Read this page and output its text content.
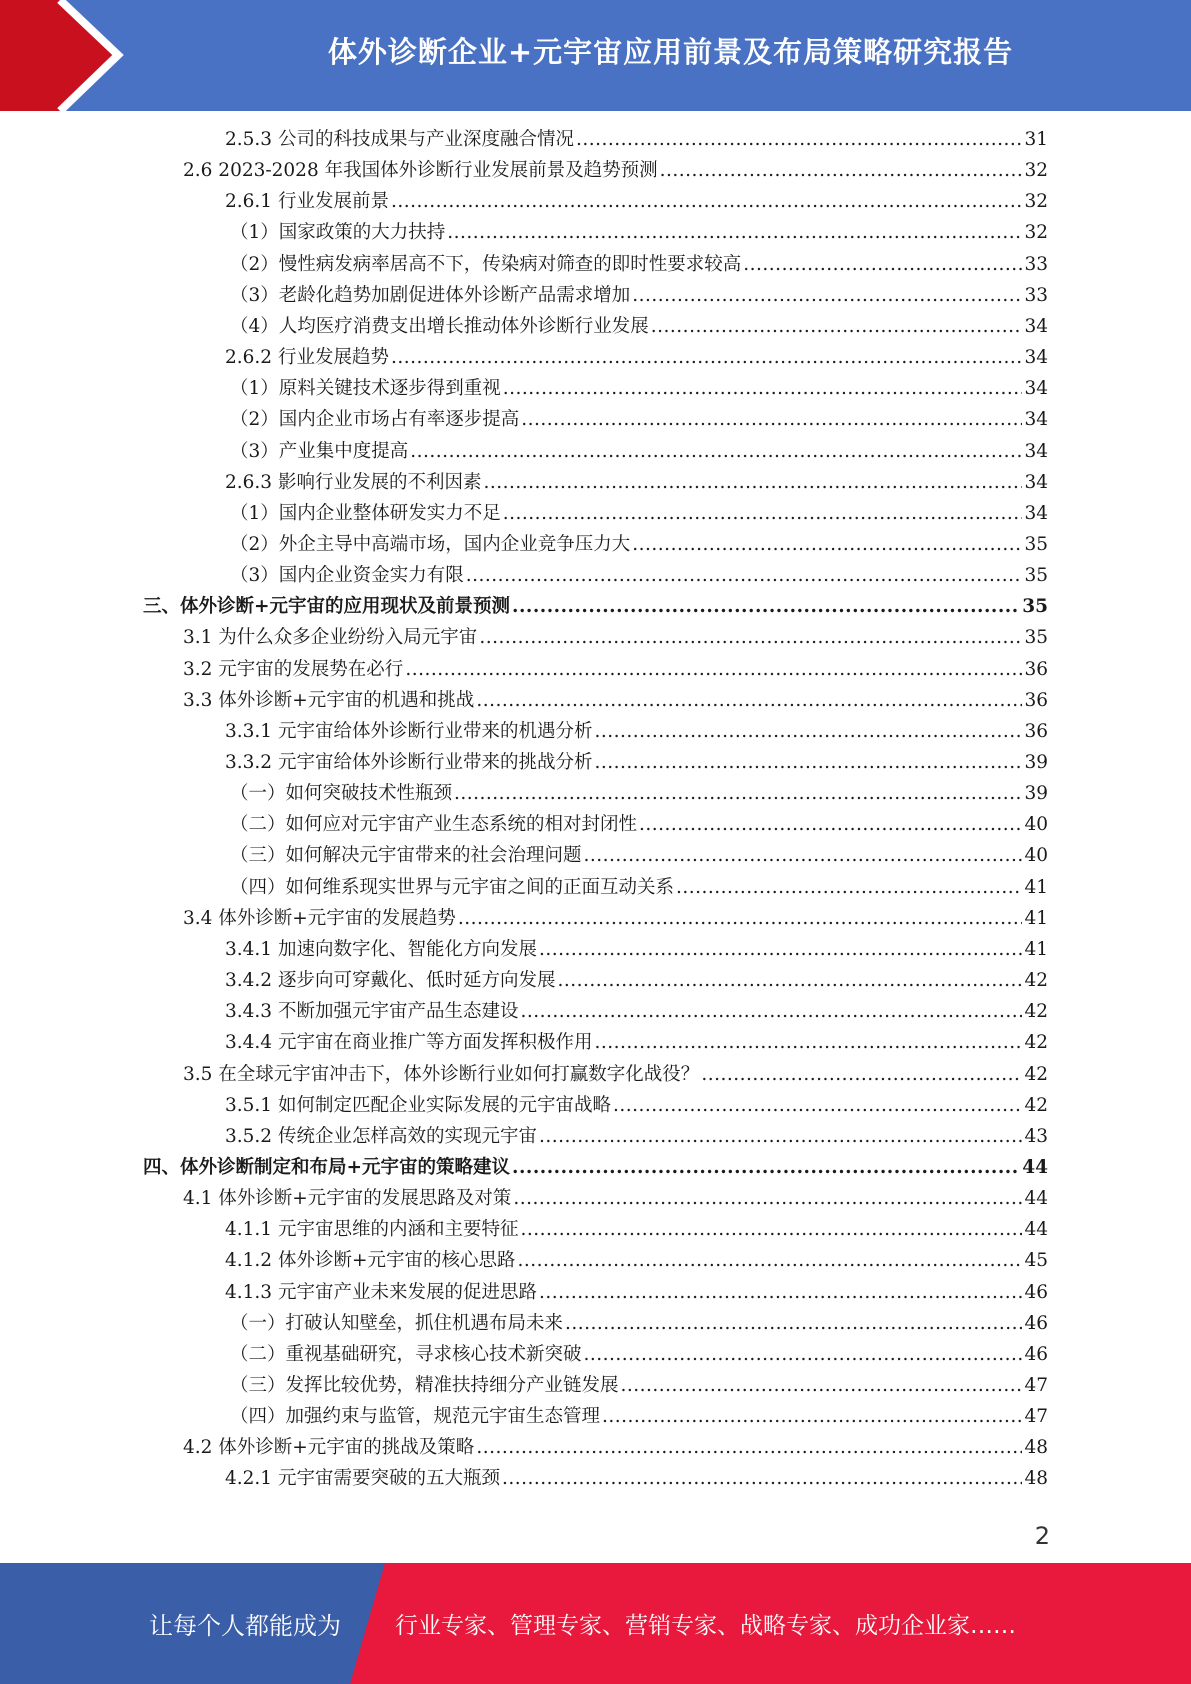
体外诊断企业+元宇宙应用前景及布局策略研究报告
2.5.3 公司的科技成果与产业深度融合情况 .....	31
2.6 2023-2028 年我国体外诊断行业发展前景及趋势预测 .....	32
2.6.1 行业发展前景 .....	32
（1）国家政策的大力扶持 .....	32
（2）慢性病发病率居高不下，传染病对筛查的即时性要求较高 .....	33
（3）老龄化趋势加剧促进体外诊断产品需求增加 .....	33
（4）人均医疗消费支出增长推动体外诊断行业发展 .....	34
2.6.2 行业发展趋势 .....	34
（1）原料关键技术逐步得到重视 .....	34
（2）国内企业市场占有率逐步提高 .....	34
（3）产业集中度提高 .....	34
2.6.3 影响行业发展的不利因素 .....	34
（1）国内企业整体研发实力不足 .....	34
（2）外企主导中高端市场，国内企业竞争压力大 .....	35
（3）国内企业资金实力有限 .....	35
三、体外诊断+元宇宙的应用现状及前景预测 .....	35
3.1 为什么众多企业纷纷入局元宇宙 .....	35
3.2 元宇宙的发展势在必行 .....	36
3.3 体外诊断+元宇宙的机遇和挑战 .....	36
3.3.1 元宇宙给体外诊断行业带来的机遇分析 .....	36
3.3.2 元宇宙给体外诊断行业带来的挑战分析 .....	39
（一）如何突破技术性瓶颈 .....	39
（二）如何应对元宇宙产业生态系统的相对封闭性 .....	40
（三）如何解决元宇宙带来的社会治理问题 .....	40
（四）如何维系现实世界与元宇宙之间的正面互动关系 .....	41
3.4 体外诊断+元宇宙的发展趋势 .....	41
3.4.1 加速向数字化、智能化方向发展 .....	41
3.4.2 逐步向可穿戴化、低时延方向发展 .....	42
3.4.3 不断加强元宇宙产品生态建设 .....	42
3.4.4 元宇宙在商业推广等方面发挥积极作用 .....	42
3.5 在全球元宇宙冲击下，体外诊断行业如何打赢数字化战役？ .....	42
3.5.1 如何制定匹配企业实际发展的元宇宙战略 .....	42
3.5.2 传统企业怎样高效的实现元宇宙 .....	43
四、体外诊断制定和布局+元宇宙的策略建议 .....	44
4.1 体外诊断+元宇宙的发展思路及对策 .....	44
4.1.1 元宇宙思维的内涵和主要特征 .....	44
4.1.2 体外诊断+元宇宙的核心思路 .....	45
4.1.3 元宇宙产业未来发展的促进思路 .....	46
（一）打破认知壁垒，抓住机遇布局未来 .....	46
（二）重视基础研究，寻求核心技术新突破 .....	46
（三）发挥比较优势，精准扶持细分产业链发展 .....	47
（四）加强约束与监管，规范元宇宙生态管理 .....	47
4.2 体外诊断+元宇宙的挑战及策略 .....	48
4.2.1 元宇宙需要突破的五大瓶颈 .....	48
2
让每个人都能成为	行业专家、管理专家、营销专家、战略专家、成功企业家……
